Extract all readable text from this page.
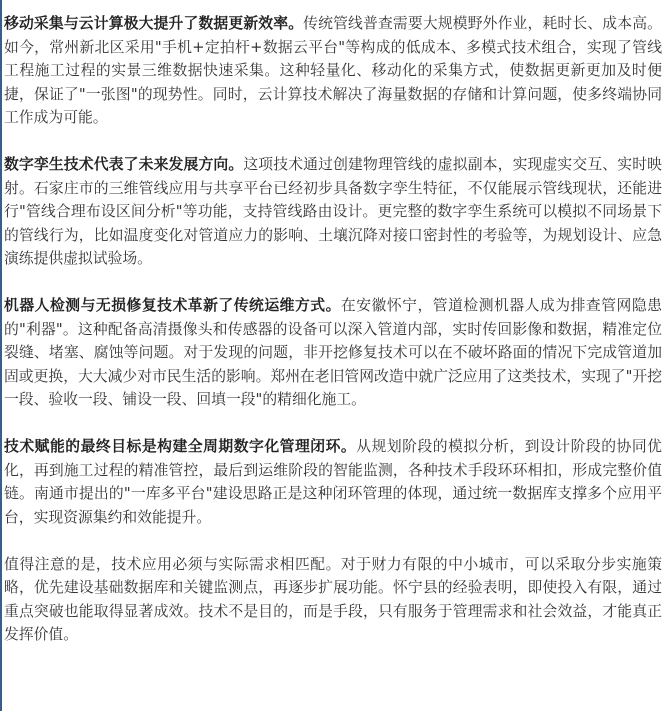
移动采集与云计算极大提升了数据更新效率。传统管线普查需要大规模野外作业，耗时长、成本高。如今，常州新北区采用"手机+定拍杆+数据云平台"等构成的低成本、多模式技术组合，实现了管线工程施工过程的实景三维数据快速采集。这种轻量化、移动化的采集方式，使数据更新更加及时便捷，保证了"一张图"的现势性。同时，云计算技术解决了海量数据的存储和计算问题，使多终端协同工作成为可能。

数字孪生技术代表了未来发展方向。这项技术通过创建物理管线的虚拟副本，实现虚实交互、实时映射。石家庄市的三维管线应用与共享平台已经初步具备数字孪生特征，不仅能展示管线现状，还能进行"管线合理布设区间分析"等功能，支持管线路由设计。更完整的数字孪生系统可以模拟不同场景下的管线行为，比如温度变化对管道应力的影响、土壤沉降对接口密封性的考验等，为规划设计、应急演练提供虚拟试验场。

机器人检测与无损修复技术革新了传统运维方式。在安徽怀宁，管道检测机器人成为排查管网隐患的"利器"。这种配备高清摄像头和传感器的设备可以深入管道内部，实时传回影像和数据，精准定位裂缝、堵塞、腐蚀等问题。对于发现的问题，非开挖修复技术可以在不破坏路面的情况下完成管道加固或更换，大大减少对市民生活的影响。郑州在老旧管网改造中就广泛应用了这类技术，实现了"开挖一段、验收一段、铺设一段、回填一段"的精细化施工。

技术赋能的最终目标是构建全周期数字化管理闭环。从规划阶段的模拟分析，到设计阶段的协同优化，再到施工过程的精准管控，最后到运维阶段的智能监测，各种技术手段环环相扣，形成完整价值链。南通市提出的"一库多平台"建设思路正是这种闭环管理的体现，通过统一数据库支撑多个应用平台，实现资源集约和效能提升。

值得注意的是，技术应用必须与实际需求相匹配。对于财力有限的中小城市，可以采取分步实施策略，优先建设基础数据库和关键监测点，再逐步扩展功能。怀宁县的经验表明，即使投入有限，通过重点突破也能取得显著成效。技术不是目的，而是手段，只有服务于管理需求和社会效益，才能真正发挥价值。
